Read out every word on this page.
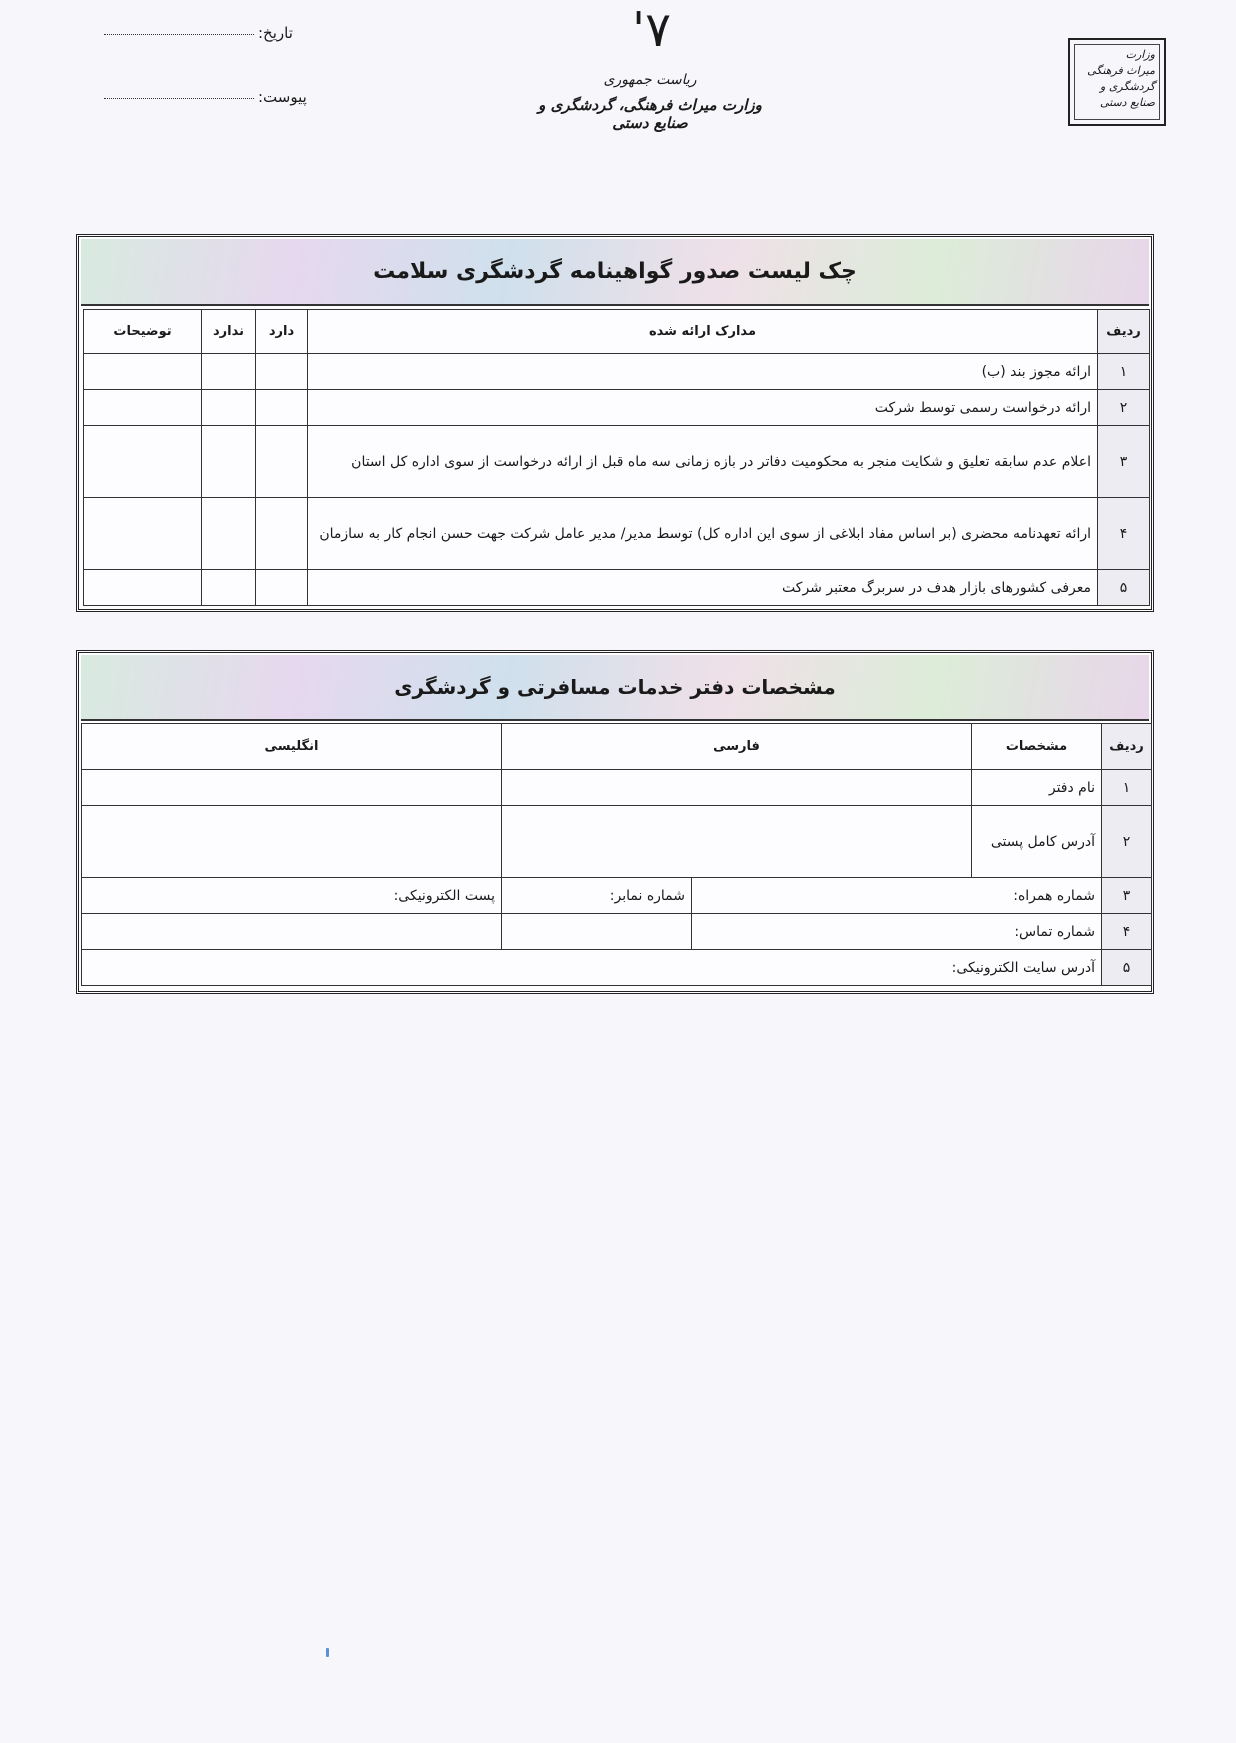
تاریخ:
پیوست:
'۷
ریاست جمهوری
وزارت میراث فرهنگی، گردشگری و صنایع دستی
وزارت
میراث فرهنگی
گردشگری و صنایع دستی
چک لیست صدور گواهینامه گردشگری سلامت
ردیف	مدارک ارائه شده	دارد	ندارد	توضیحات
۱	ارائه مجوز بند (ب)			
۲	ارائه درخواست رسمی توسط شرکت			
۳	اعلام عدم سابقه تعلیق و شکایت منجر به محکومیت دفاتر در بازه زمانی سه ماه قبل از ارائه درخواست از سوی اداره کل استان			
۴	ارائه تعهدنامه محضری (بر اساس مفاد ابلاغی از سوی این اداره کل) توسط مدیر/ مدیر عامل شرکت جهت حسن انجام کار به سازمان			
۵	معرفی کشورهای بازار هدف در سربرگ معتبر شرکت			
مشخصات دفتر خدمات مسافرتی و گردشگری
ردیف	مشخصات	فارسی		انگلیسی
۱	نام دفتر			
۲	آدرس کامل پستی			
۳	شماره همراه:		شماره نمابر:	پست الکترونیکی:
۴	شماره تماس:			
۵	آدرس سایت الکترونیکی:			
